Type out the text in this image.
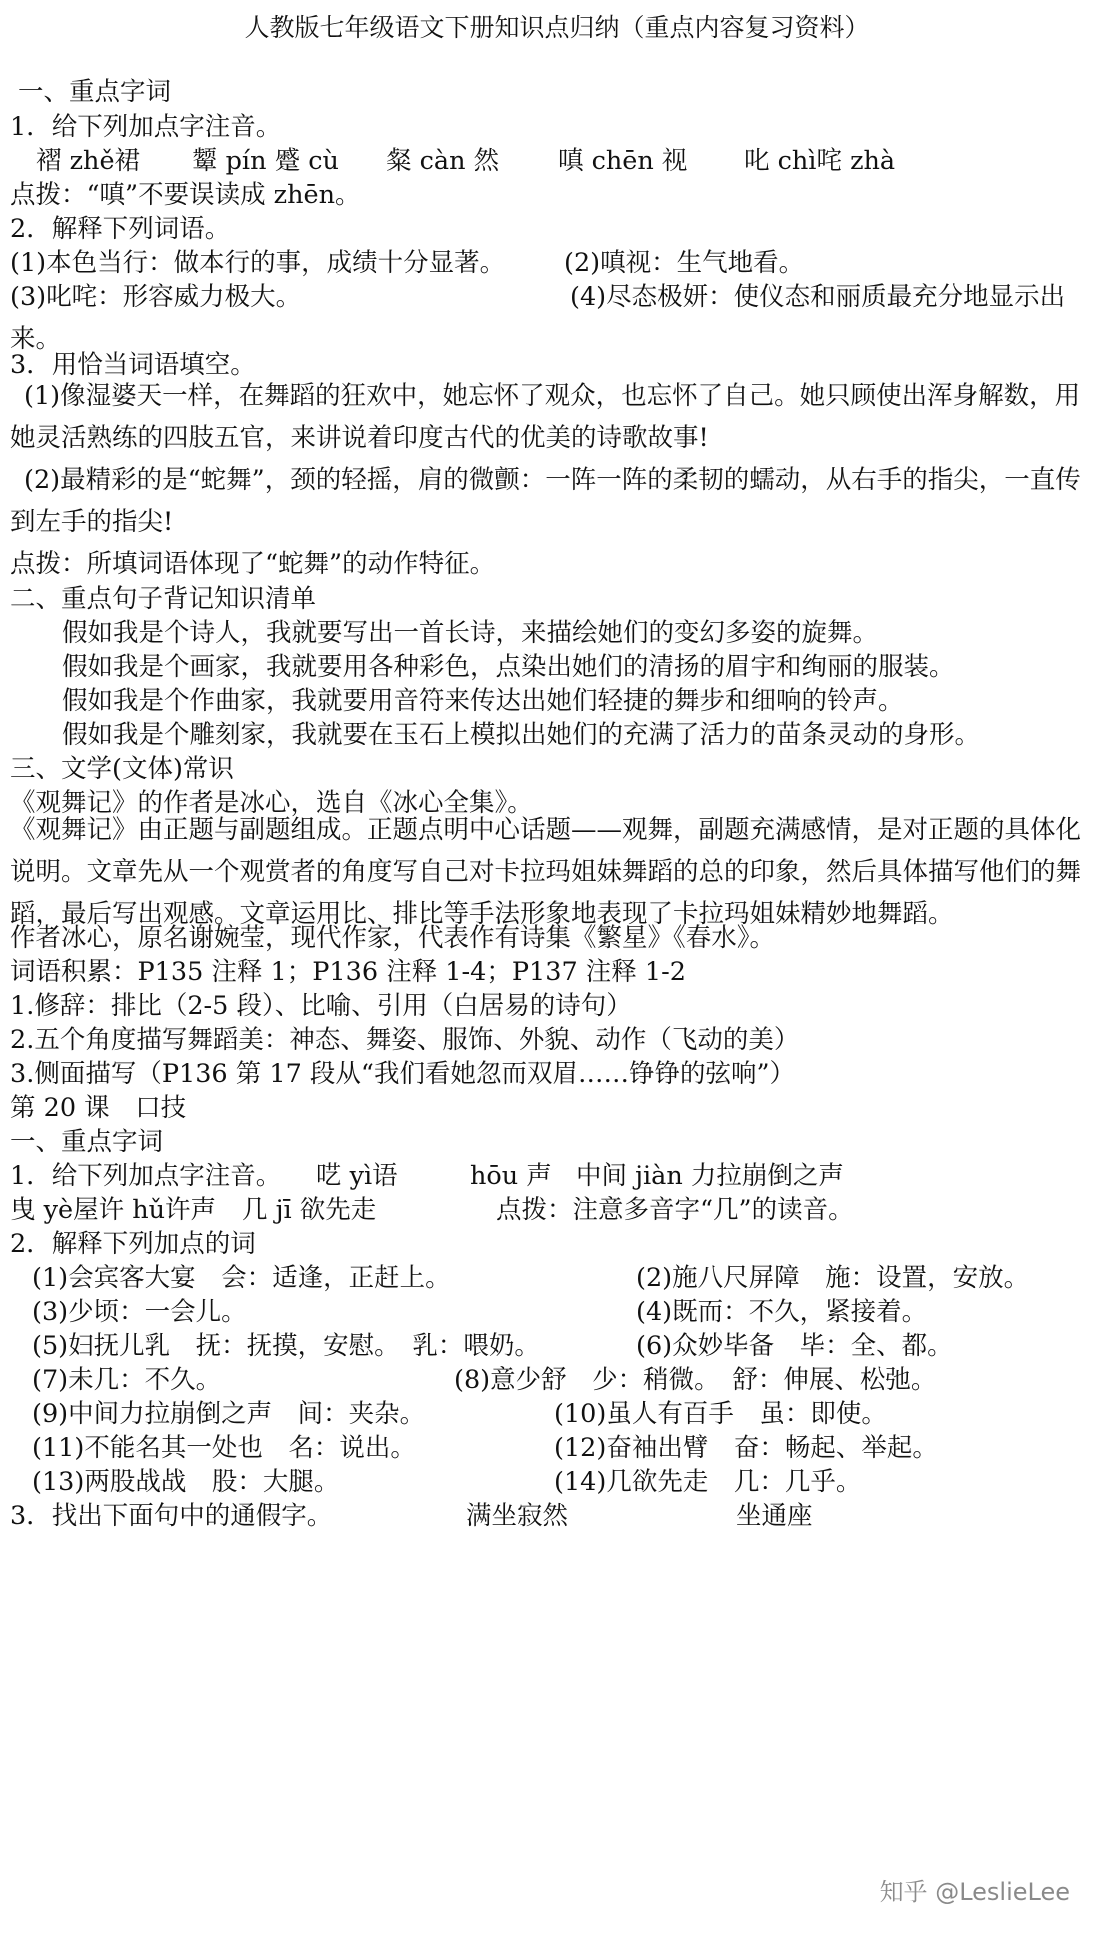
人教版七年级语文下册知识点归纳（重点内容复习资料）
一、重点字词
1．给下列加点字注音。
褶 zhě裙 颦 pín 蹙 cù 粲 càn 然 嗔 chēn 视 叱 chì咤 zhà
点拨：“嗔”不要误读成 zhēn。
2．解释下列词语。
(1)本色当行：做本行的事，成绩十分显著。 (2)嗔视：生气地看。
(3)叱咤：形容威力极大。	(4)尽态极妍：使仪态和丽质最充分地显示出来。
3．用恰当词语填空。
(1)像湿婆天一样，在舞蹈的狂欢中，她忘怀了观众，也忘怀了自己。她只顾使出浑身解数，用她灵活熟练的四肢五官，来讲说着印度古代的优美的诗歌故事!
(2)最精彩的是“蛇舞”，颈的轻摇，肩的微颤：一阵一阵的柔韧的蠕动，从右手的指尖，一直传到左手的指尖!
点拨：所填词语体现了“蛇舞”的动作特征。
二、重点句子背记知识清单
假如我是个诗人，我就要写出一首长诗，来描绘她们的变幻多姿的旋舞。
假如我是个画家，我就要用各种彩色，点染出她们的清扬的眉宇和绚丽的服装。
假如我是个作曲家，我就要用音符来传达出她们轻捷的舞步和细响的铃声。
假如我是个雕刻家，我就要在玉石上模拟出她们的充满了活力的苗条灵动的身形。
三、文学(文体)常识
《观舞记》的作者是冰心，选自《冰心全集》。
《观舞记》由正题与副题组成。正题点明中心话题——观舞，副题充满感情，是对正题的具体化说明。文章先从一个观赏者的角度写自己对卡拉玛姐妹舞蹈的总的印象，然后具体描写他们的舞蹈，最后写出观感。文章运用比、排比等手法形象地表现了卡拉玛姐妹精妙地舞蹈。
作者冰心，原名谢婉莹，现代作家，代表作有诗集《繁星》《春水》。
词语积累：P135 注释 1；P136 注释 1-4；P137 注释 1-2
1.修辞：排比（2-5 段）、比喻、引用（白居易的诗句）
2.五个角度描写舞蹈美：神态、舞姿、服饰、外貌、动作（飞动的美）
3.侧面描写（P136 第 17 段从“我们看她忽而双眉……铮铮的弦响”）
第 20 课　口技
一、重点字词
1．给下列加点字注音。 呓 yì语	hōu 声 中间 jiàn 力拉崩倒之声
曳 yè屋许 hǔ许声 几 jī 欲先走	点拨：注意多音字“几”的读音。
2．解释下列加点的词
(1)会宾客大宴　会：适逢，正赶上。	(2)施八尺屏障　施：设置，安放。
(3)少顷：一会儿。	(4)既而：不久，紧接着。
(5)妇抚儿乳　抚：抚摸，安慰。　乳：喂奶。	(6)众妙毕备　毕：全、都。
(7)未几：不久。	(8)意少舒　少：稍微。　舒：伸展、松弛。
(9)中间力拉崩倒之声　间：夹杂。	(10)虽人有百手　虽：即使。
(11)不能名其一处也　名：说出。	(12)奋袖出臂　奋：畅起、举起。
(13)两股战战　股：大腿。	(14)几欲先走　几：几乎。
3．找出下面句中的通假字。	满坐寂然	坐通座
知乎 @LeslieLee
